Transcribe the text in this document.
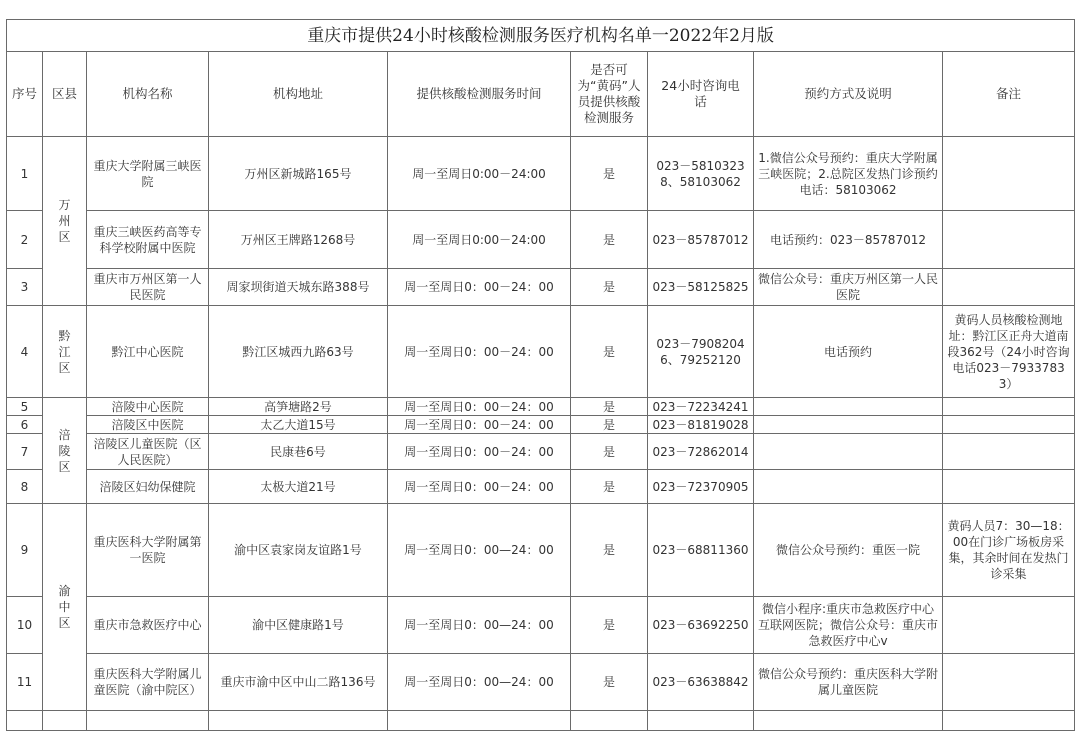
重庆市提供24小时核酸检测服务医疗机构名单一2022年2月版								
序号	区县	机构名称	机构地址	提供核酸检测服务时间	是否可为“黄码”人员提供核酸检测服务	24小时咨询电话	预约方式及说明	备注
1	万州区	重庆大学附属三峡医院	万州区新城路165号	周一至周日0:00－24:00	是	023－58103238、58103062	1.微信公众号预约：重庆大学附属三峡医院；2.总院区发热门诊预约电话：58103062	
2		重庆三峡医药高等专科学校附属中医院	万州区王牌路1268号	周一至周日0:00－24:00	是	023－85787012	电话预约：023－85787012	
3		重庆市万州区第一人民医院	周家坝街道天城东路388号	周一至周日0：00－24：00	是	023－58125825	微信公众号：重庆万州区第一人民医院	
4	黔江区	黔江中心医院	黔江区城西九路63号	周一至周日0：00－24：00	是	023－79082046、79252120	电话预约	黄码人员核酸检测地址：黔江区正舟大道南段362号（24小时咨询电话023－79337833）
5	涪陵区	涪陵中心医院	高笋塘路2号	周一至周日0：00－24：00	是	023－72234241		
6		涪陵区中医院	太乙大道15号	周一至周日0：00－24：00	是	023－81819028		
7		涪陵区儿童医院（区人民医院）	民康巷6号	周一至周日0：00－24：00	是	023－72862014		
8		涪陵区妇幼保健院	太极大道21号	周一至周日0：00－24：00	是	023－72370905		
9	渝中区	重庆医科大学附属第一医院	渝中区袁家岗友谊路1号	周一至周日0：00—24：00	是	023－68811360	微信公众号预约：重医一院	黄码人员7：30—18：00在门诊广场板房采集，其余时间在发热门诊采集
10		重庆市急救医疗中心	渝中区健康路1号	周一至周日0：00—24：00	是	023－63692250	微信小程序:重庆市急救医疗中心互联网医院；微信公众号：重庆市急救医疗中心v	
11		重庆医科大学附属儿童医院（渝中院区）	重庆市渝中区中山二路136号	周一至周日0：00—24：00	是	023－63638842	微信公众号预约：重庆医科大学附属儿童医院	
